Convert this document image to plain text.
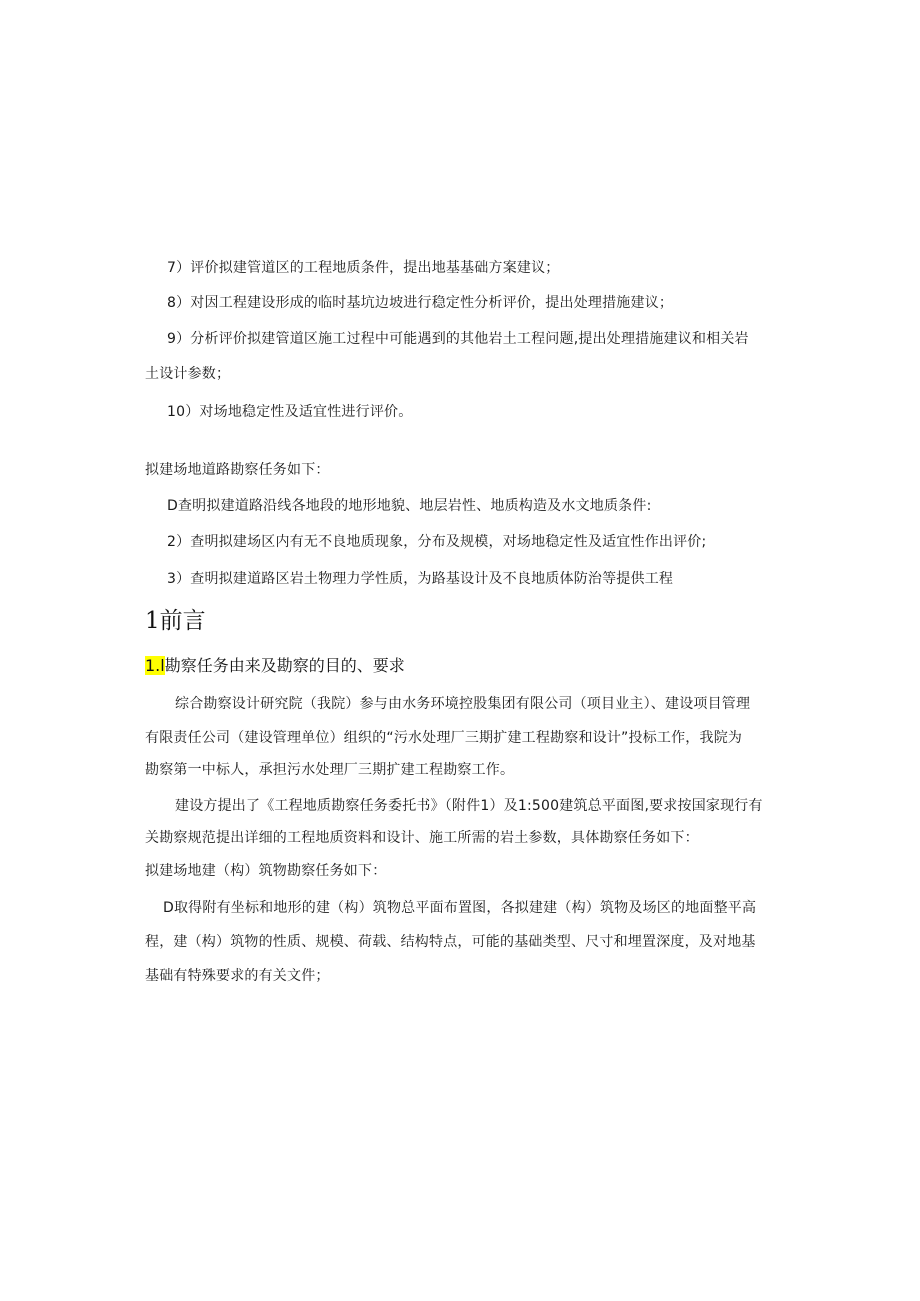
7）评价拟建管道区的工程地质条件，提出地基基础方案建议；
8）对因工程建设形成的临时基坑边坡进行稳定性分析评价，提出处理措施建议；
9）分析评价拟建管道区施工过程中可能遇到的其他岩土工程问题,提出处理措施建议和相关岩
土设计参数；
10）对场地稳定性及适宜性进行评价。
拟建场地道路勘察任务如下：
D查明拟建道路沿线各地段的地形地貌、地层岩性、地质构造及水文地质条件:
2）查明拟建场区内有无不良地质现象，分布及规模，对场地稳定性及适宜性作出评价;
3）查明拟建道路区岩土物理力学性质，为路基设计及不良地质体防治等提供工程
1前言
1.l勘察任务由来及勘察的目的、要求
综合勘察设计研究院（我院）参与由水务环境控股集团有限公司（项目业主）、建设项目管理
有限责任公司（建设管理单位）组织的“污水处理厂三期扩建工程勘察和设计”投标工作，我院为
勘察第一中标人，承担污水处理厂三期扩建工程勘察工作。
建设方提出了《工程地质勘察任务委托书》（附件1）及1:500建筑总平面图,要求按国家现行有
关勘察规范提出详细的工程地质资料和设计、施工所需的岩土参数，具体勘察任务如下：
拟建场地建（构）筑物勘察任务如下：
D取得附有坐标和地形的建（构）筑物总平面布置图，各拟建建（构）筑物及场区的地面整平高
程，建（构）筑物的性质、规模、荷载、结构特点，可能的基础类型、尺寸和埋置深度，及对地基
基础有特殊要求的有关文件；
